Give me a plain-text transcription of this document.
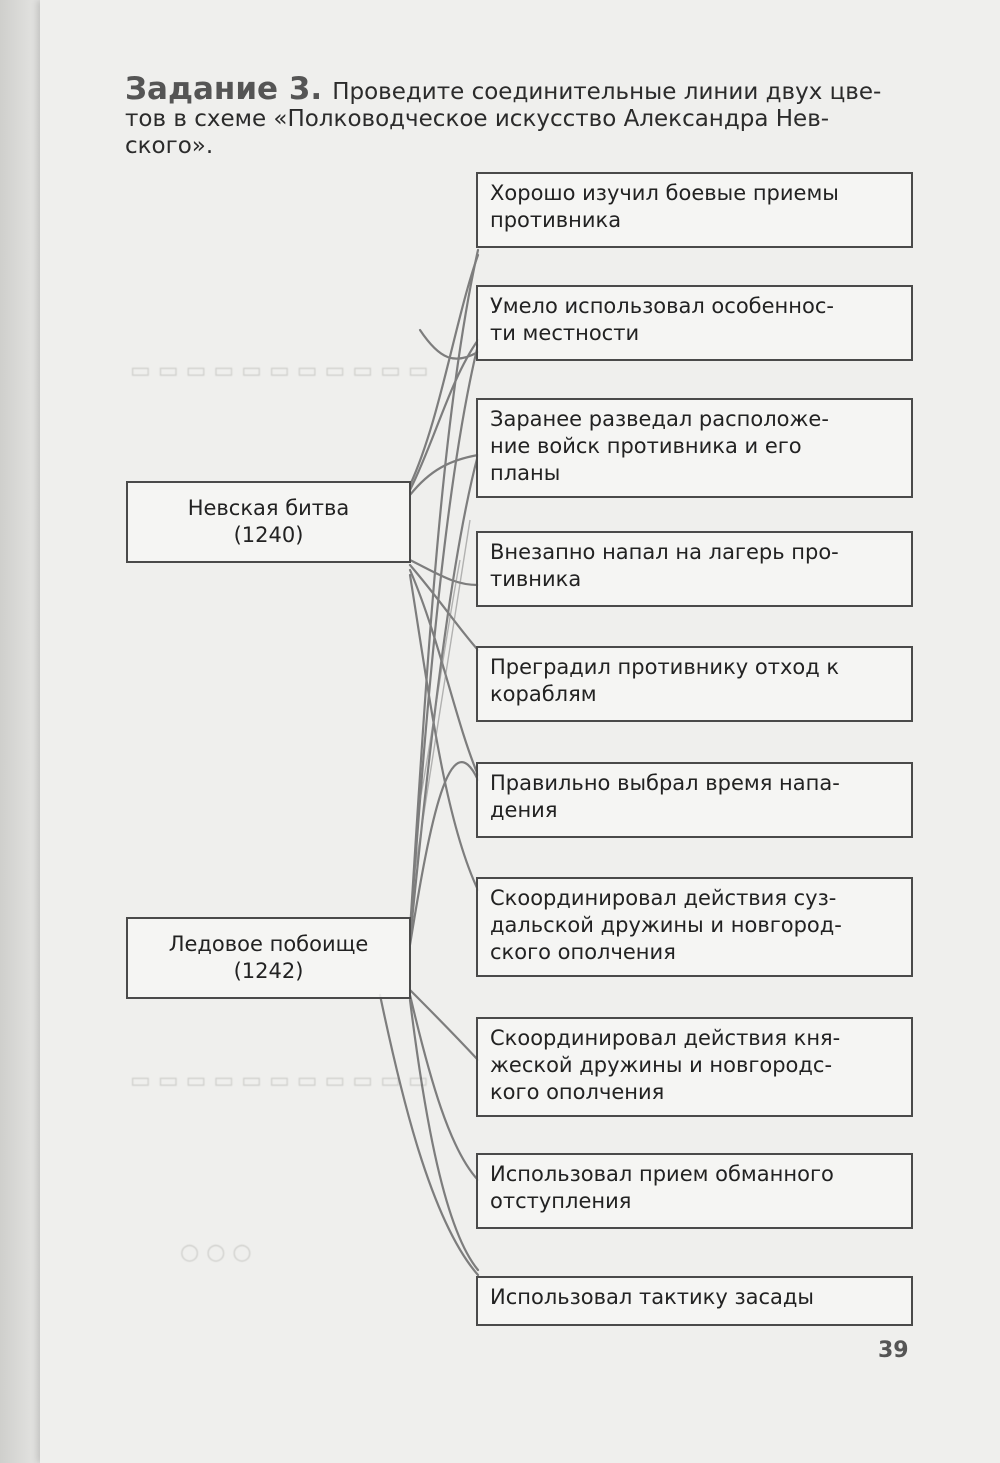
▭ ▭ ▭ ▭ ▭ ▭ ▭ ▭ ▭ ▭ ▭
▭ ▭ ▭ ▭ ▭ ▭ ▭ ▭ ▭ ▭ ▭
○ ○ ○
Задание 3. Проведите соединительные линии двух цве-
тов в схеме «Полководческое искусство Александра Нев-
ского».
Невская битва
(1240)
Ледовое побоище
(1242)
Хорошо изучил боевые приемы
противника
Умело использовал особеннос-
ти местности
Заранее разведал расположе-
ние войск противника и его
планы
Внезапно напал на лагерь про-
тивника
Преградил противнику отход к
кораблям
Правильно выбрал время напа-
дения
Скоординировал действия суз-
дальской дружины и новгород-
ского ополчения
Скоординировал действия кня-
жеской дружины и новгородс-
кого ополчения
Использовал прием обманного
отступления
Использовал тактику засады
39
